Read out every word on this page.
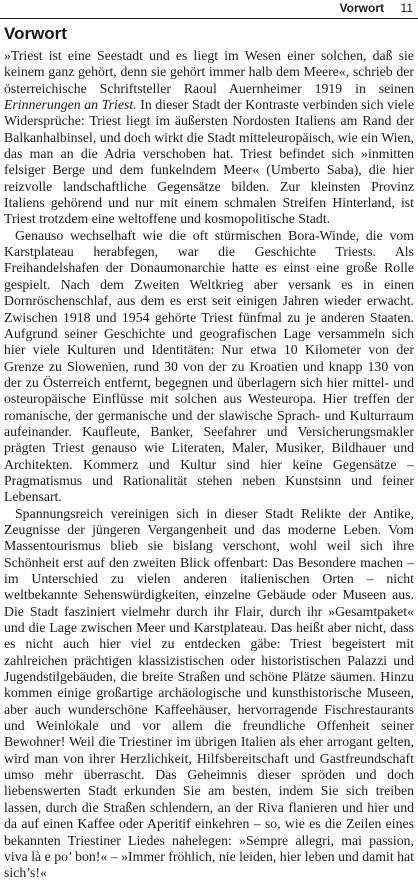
Vorwort 11
Vorwort

»Triest ist eine Seestadt und es liegt im Wesen einer solchen, daß sie keinem ganz gehört, denn sie gehört immer halb dem Meere«, schrieb der österreichische Schriftsteller Raoul Auernheimer 1919 in seinen Erinnerungen an Triest. In dieser Stadt der Kontraste verbinden sich viele Widersprüche: Triest liegt im äußersten Nordosten Italiens am Rand der Balkanhalbinsel, und doch wirkt die Stadt mitteleuropäisch, wie ein Wien, das man an die Adria verschoben hat. Triest befindet sich »inmitten felsiger Berge und dem funkelndem Meer« (Umberto Saba), die hier reizvolle landschaftliche Gegensätze bilden. Zur kleinsten Provinz Italiens gehörend und nur mit einem schmalen Streifen Hinterland, ist Triest trotzdem eine weltoffene und kosmopolitische Stadt.

Genauso wechselhaft wie die oft stürmischen Bora-Winde, die vom Karstplateau herabfegen, war die Geschichte Triests. Als Freihandelshafen der Donaumonarchie hatte es einst eine große Rolle gespielt. Nach dem Zweiten Weltkrieg aber versank es in einen Dornröschenschlaf, aus dem es erst seit einigen Jahren wieder erwacht. Zwischen 1918 und 1954 gehörte Triest fünfmal zu je anderen Staaten. Aufgrund seiner Geschichte und geografischen Lage versammeln sich hier viele Kulturen und Identitäten: Nur etwa 10 Kilometer von der Grenze zu Slowenien, rund 30 von der zu Kroatien und knapp 130 von der zu Österreich entfernt, begegnen und überlagern sich hier mittel- und osteuropäische Einflüsse mit solchen aus Westeuropa. Hier treffen der romanische, der germanische und der slawische Sprach- und Kulturraum aufeinander. Kaufleute, Banker, Seefahrer und Versicherungsmakler prägten Triest genauso wie Literaten, Maler, Musiker, Bildhauer und Architekten. Kommerz und Kultur sind hier keine Gegensätze – Pragmatismus und Rationalität stehen neben Kunstsinn und feiner Lebensart.

Spannungsreich vereinigen sich in dieser Stadt Relikte der Antike, Zeugnisse der jüngeren Vergangenheit und das moderne Leben. Vom Massentourismus blieb sie bislang verschont, wohl weil sich ihre Schönheit erst auf den zweiten Blick offenbart: Das Besondere machen – im Unterschied zu vielen anderen italienischen Orten – nicht weltbekannte Sehenswürdigkeiten, einzelne Gebäude oder Museen aus. Die Stadt fasziniert vielmehr durch ihr Flair, durch ihr »Gesamtpaket« und die Lage zwischen Meer und Karstplateau. Das heißt aber nicht, dass es nicht auch hier viel zu entdecken gäbe: Triest begeistert mit zahlreichen prächtigen klassizistischen oder historistischen Palazzi und Jugendstilgebäuden, die breite Straßen und schöne Plätze säumen. Hinzu kommen einige großartige archäologische und kunsthistorische Museen, aber auch wunderschöne Kaffeehäuser, hervorragende Fischrestaurants und Weinlokale und vor allem die freundliche Offenheit seiner Bewohner! Weil die Triestiner im übrigen Italien als eher arrogant gelten, wird man von ihrer Herzlichkeit, Hilfsbereitschaft und Gastfreundschaft umso mehr überrascht. Das Geheimnis dieser spröden und doch liebenswerten Stadt erkunden Sie am besten, indem Sie sich treiben lassen, durch die Straßen schlendern, an der Riva flanieren und hier und da auf einen Kaffee oder Aperitif einkehren – so, wie es die Zeilen eines bekannten Triestiner Liedes nahelegen: »Sempre allegri, mai passion, viva là e po’ bon!« – »Immer fröhlich, nie leiden, hier leben und damit hat sich’s!«
